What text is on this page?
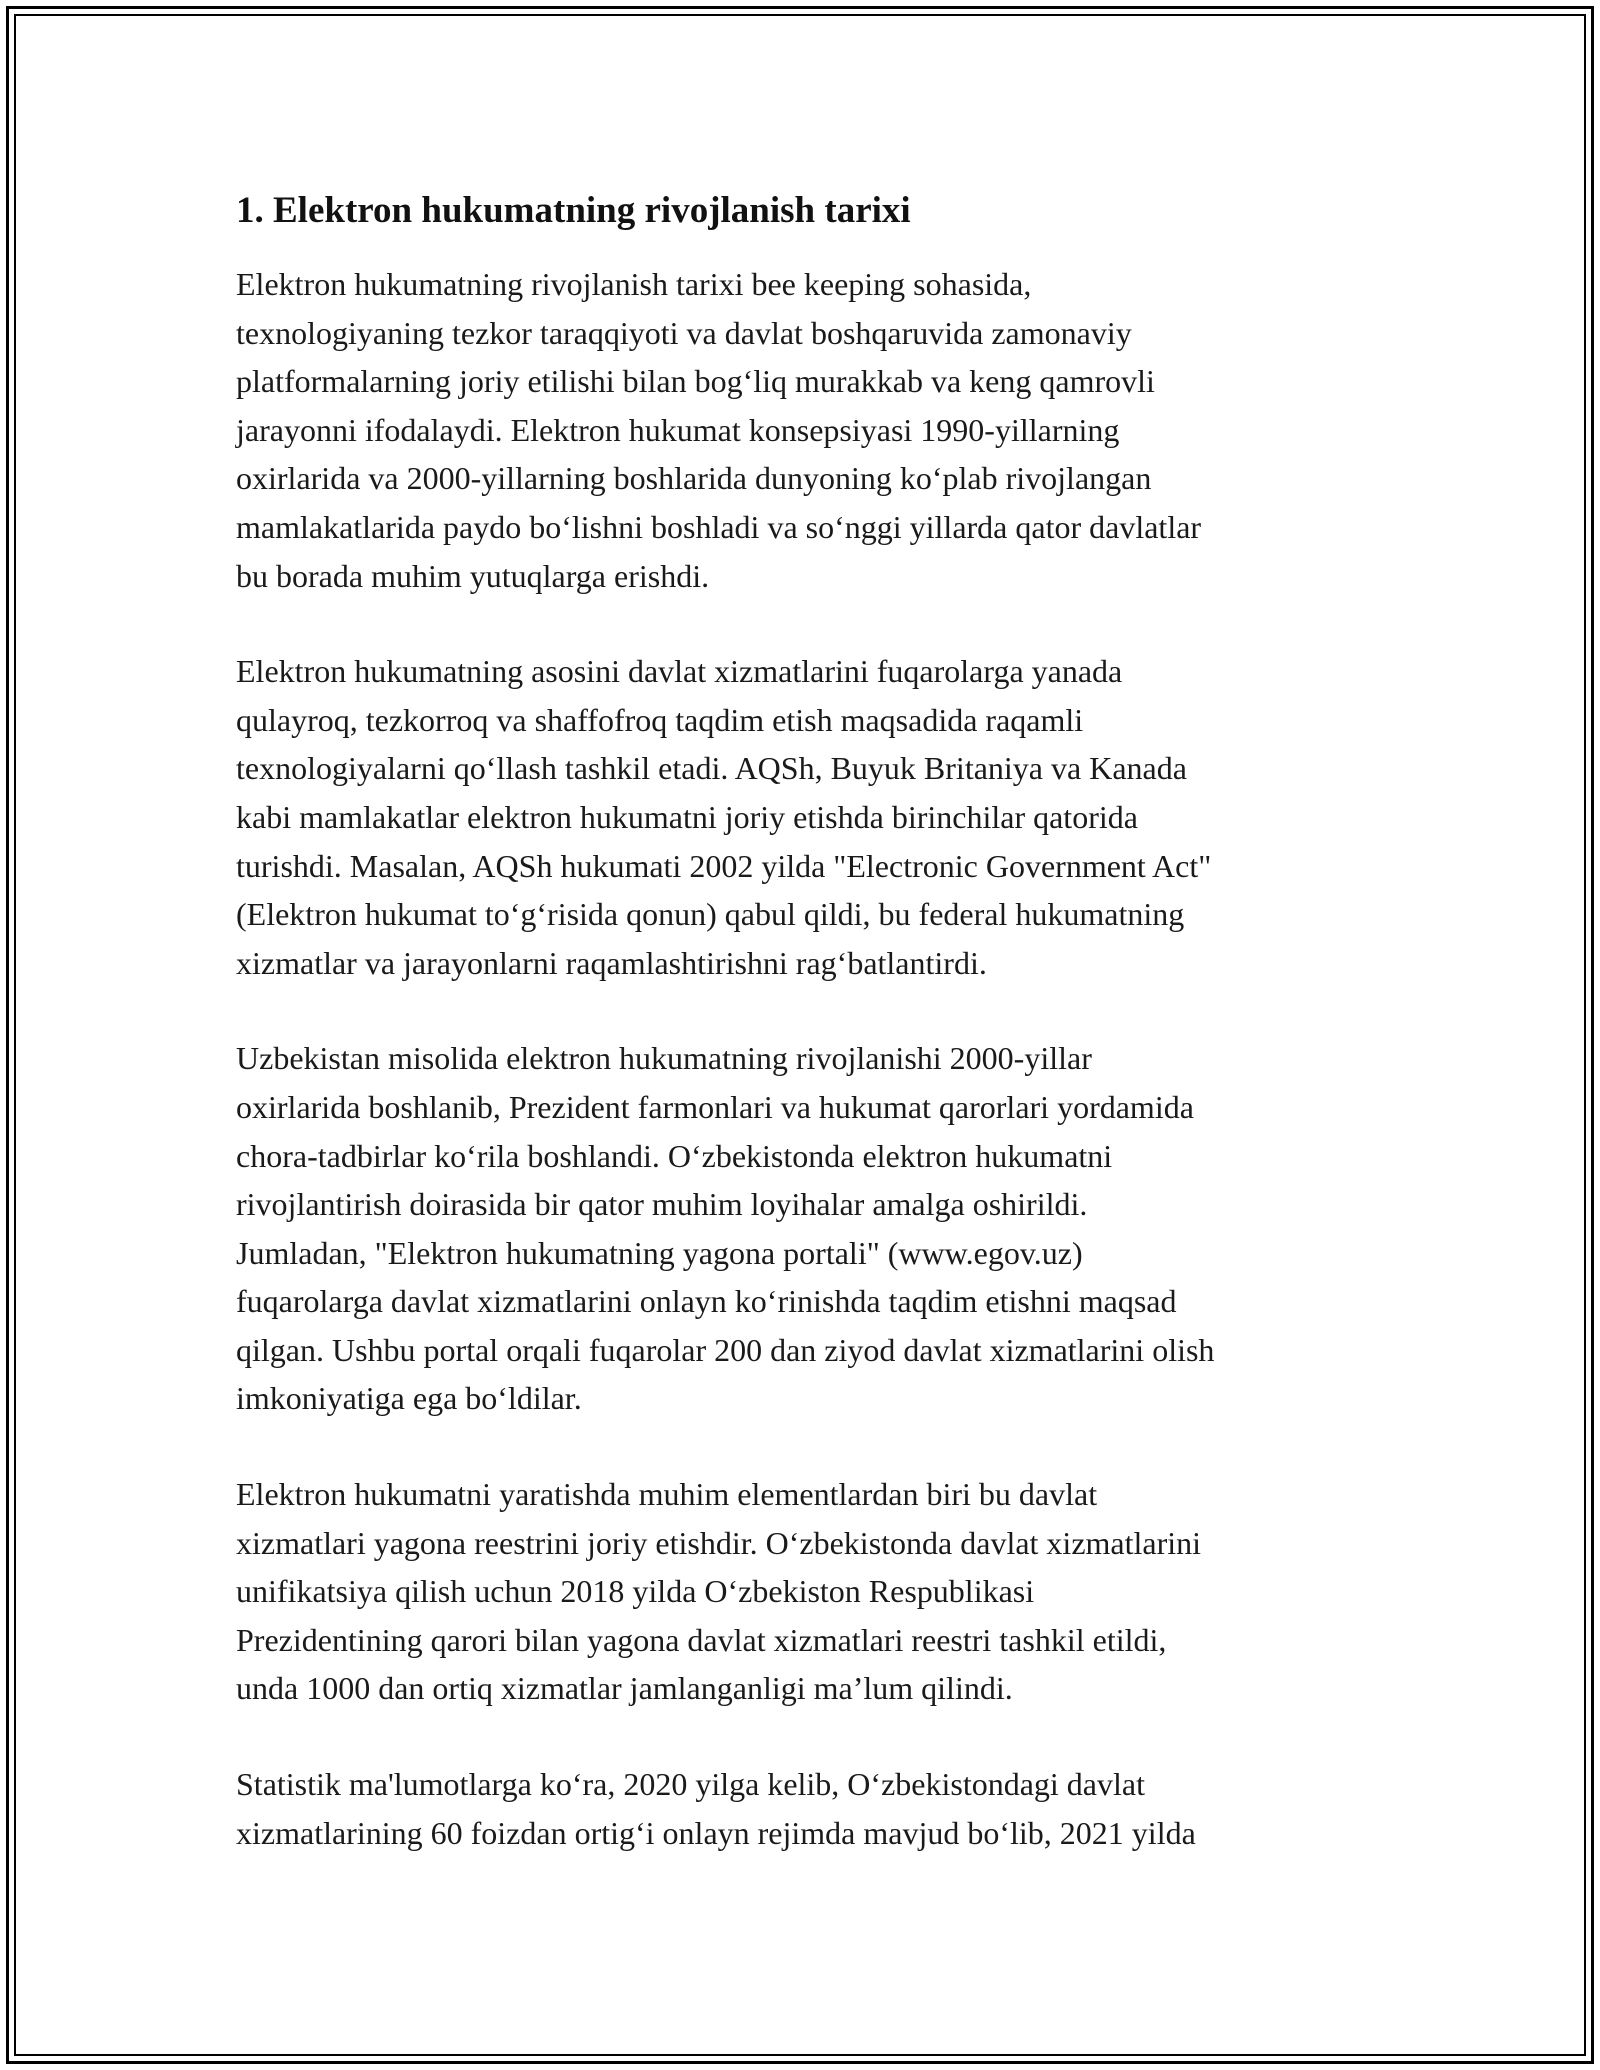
1. Elektron hukumatning rivojlanish tarixi
Elektron hukumatning rivojlanish tarixi bee keeping sohasida,
texnologiyaning tezkor taraqqiyoti va davlat boshqaruvida zamonaviy
platformalarning joriy etilishi bilan bog‘liq murakkab va keng qamrovli
jarayonni ifodalaydi. Elektron hukumat konsepsiyasi 1990-yillarning
oxirlarida va 2000-yillarning boshlarida dunyoning ko‘plab rivojlangan
mamlakatlarida paydo bo‘lishni boshladi va so‘nggi yillarda qator davlatlar
bu borada muhim yutuqlarga erishdi.
Elektron hukumatning asosini davlat xizmatlarini fuqarolarga yanada
qulayroq, tezkorroq va shaffofroq taqdim etish maqsadida raqamli
texnologiyalarni qo‘llash tashkil etadi. AQSh, Buyuk Britaniya va Kanada
kabi mamlakatlar elektron hukumatni joriy etishda birinchilar qatorida
turishdi. Masalan, AQSh hukumati 2002 yilda "Electronic Government Act"
(Elektron hukumat to‘g‘risida qonun) qabul qildi, bu federal hukumatning
xizmatlar va jarayonlarni raqamlashtirishni rag‘batlantirdi.
Uzbekistan misolida elektron hukumatning rivojlanishi 2000-yillar
oxirlarida boshlanib, Prezident farmonlari va hukumat qarorlari yordamida
chora-tadbirlar ko‘rila boshlandi. O‘zbekistonda elektron hukumatni
rivojlantirish doirasida bir qator muhim loyihalar amalga oshirildi.
Jumladan, "Elektron hukumatning yagona portali" (www.egov.uz)
fuqarolarga davlat xizmatlarini onlayn ko‘rinishda taqdim etishni maqsad
qilgan. Ushbu portal orqali fuqarolar 200 dan ziyod davlat xizmatlarini olish
imkoniyatiga ega bo‘ldilar.
Elektron hukumatni yaratishda muhim elementlardan biri bu davlat
xizmatlari yagona reestrini joriy etishdir. O‘zbekistonda davlat xizmatlarini
unifikatsiya qilish uchun 2018 yilda O‘zbekiston Respublikasi
Prezidentining qarori bilan yagona davlat xizmatlari reestri tashkil etildi,
unda 1000 dan ortiq xizmatlar jamlanganligi ma’lum qilindi.
Statistik ma'lumotlarga ko‘ra, 2020 yilga kelib, O‘zbekistondagi davlat
xizmatlarining 60 foizdan ortig‘i onlayn rejimda mavjud bo‘lib, 2021 yilda
